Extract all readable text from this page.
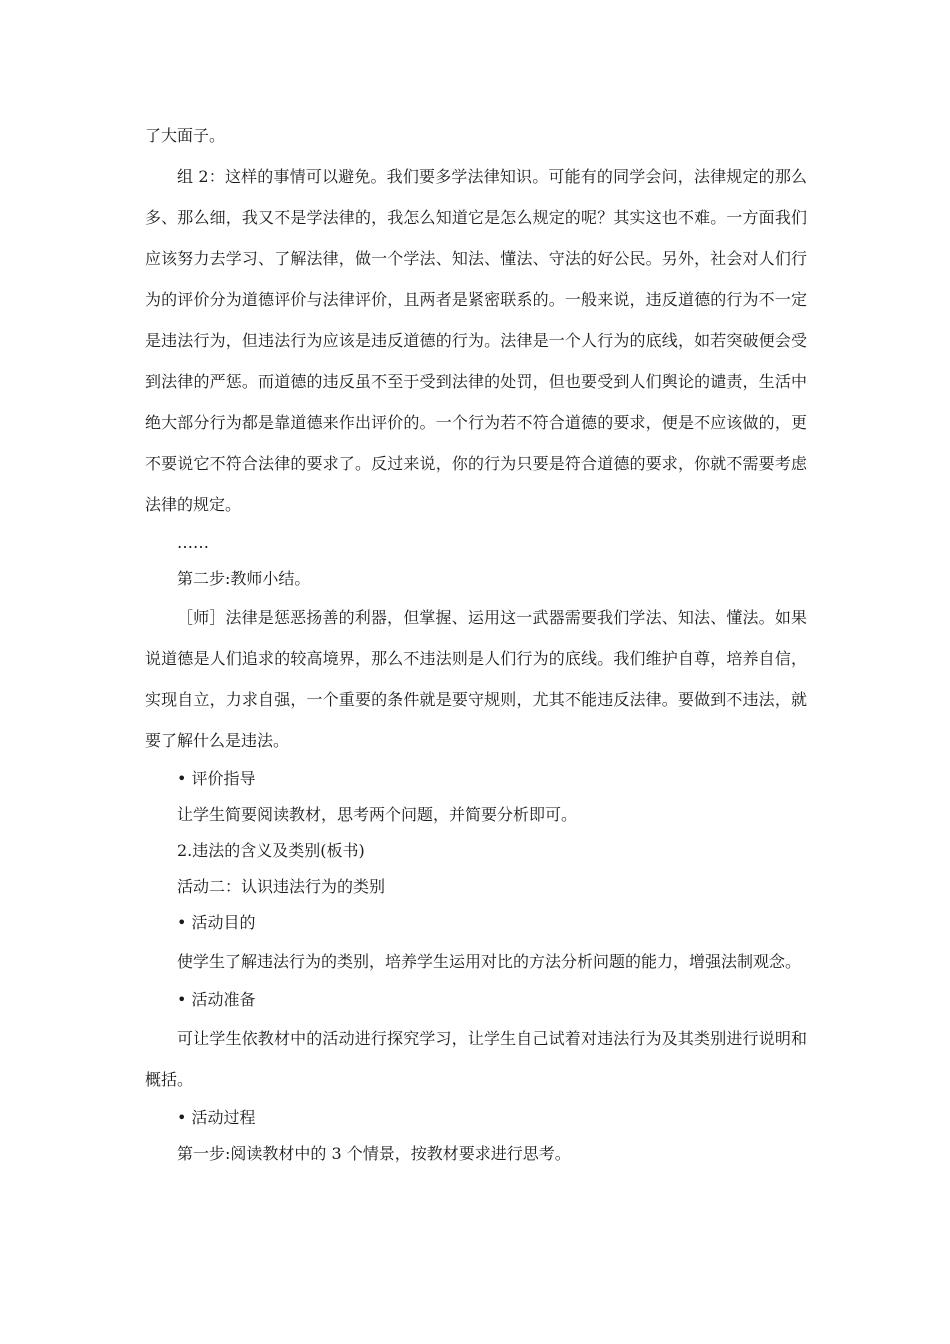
了大面子。

组 2：这样的事情可以避免。我们要多学法律知识。可能有的同学会问，法律规定的那么多、那么细，我又不是学法律的，我怎么知道它是怎么规定的呢？其实这也不难。一方面我们应该努力去学习、了解法律，做一个学法、知法、懂法、守法的好公民。另外，社会对人们行为的评价分为道德评价与法律评价，且两者是紧密联系的。一般来说，违反道德的行为不一定是违法行为，但违法行为应该是违反道德的行为。法律是一个人行为的底线，如若突破便会受到法律的严惩。而道德的违反虽不至于受到法律的处罚，但也要受到人们舆论的谴责，生活中绝大部分行为都是靠道德来作出评价的。一个行为若不符合道德的要求，便是不应该做的，更不要说它不符合法律的要求了。反过来说，你的行为只要是符合道德的要求，你就不需要考虑法律的规定。

……

第二步:教师小结。

［师］法律是惩恶扬善的利器，但掌握、运用这一武器需要我们学法、知法、懂法。如果说道德是人们追求的较高境界，那么不违法则是人们行为的底线。我们维护自尊，培养自信，实现自立，力求自强，一个重要的条件就是要守规则，尤其不能违反法律。要做到不违法，就要了解什么是违法。

• 评价指导

让学生简要阅读教材，思考两个问题，并简要分析即可。

2.违法的含义及类别(板书)

活动二：认识违法行为的类别

• 活动目的

使学生了解违法行为的类别，培养学生运用对比的方法分析问题的能力，增强法制观念。

• 活动准备

可让学生依教材中的活动进行探究学习，让学生自己试着对违法行为及其类别进行说明和概括。

• 活动过程

第一步:阅读教材中的 3 个情景，按教材要求进行思考。
